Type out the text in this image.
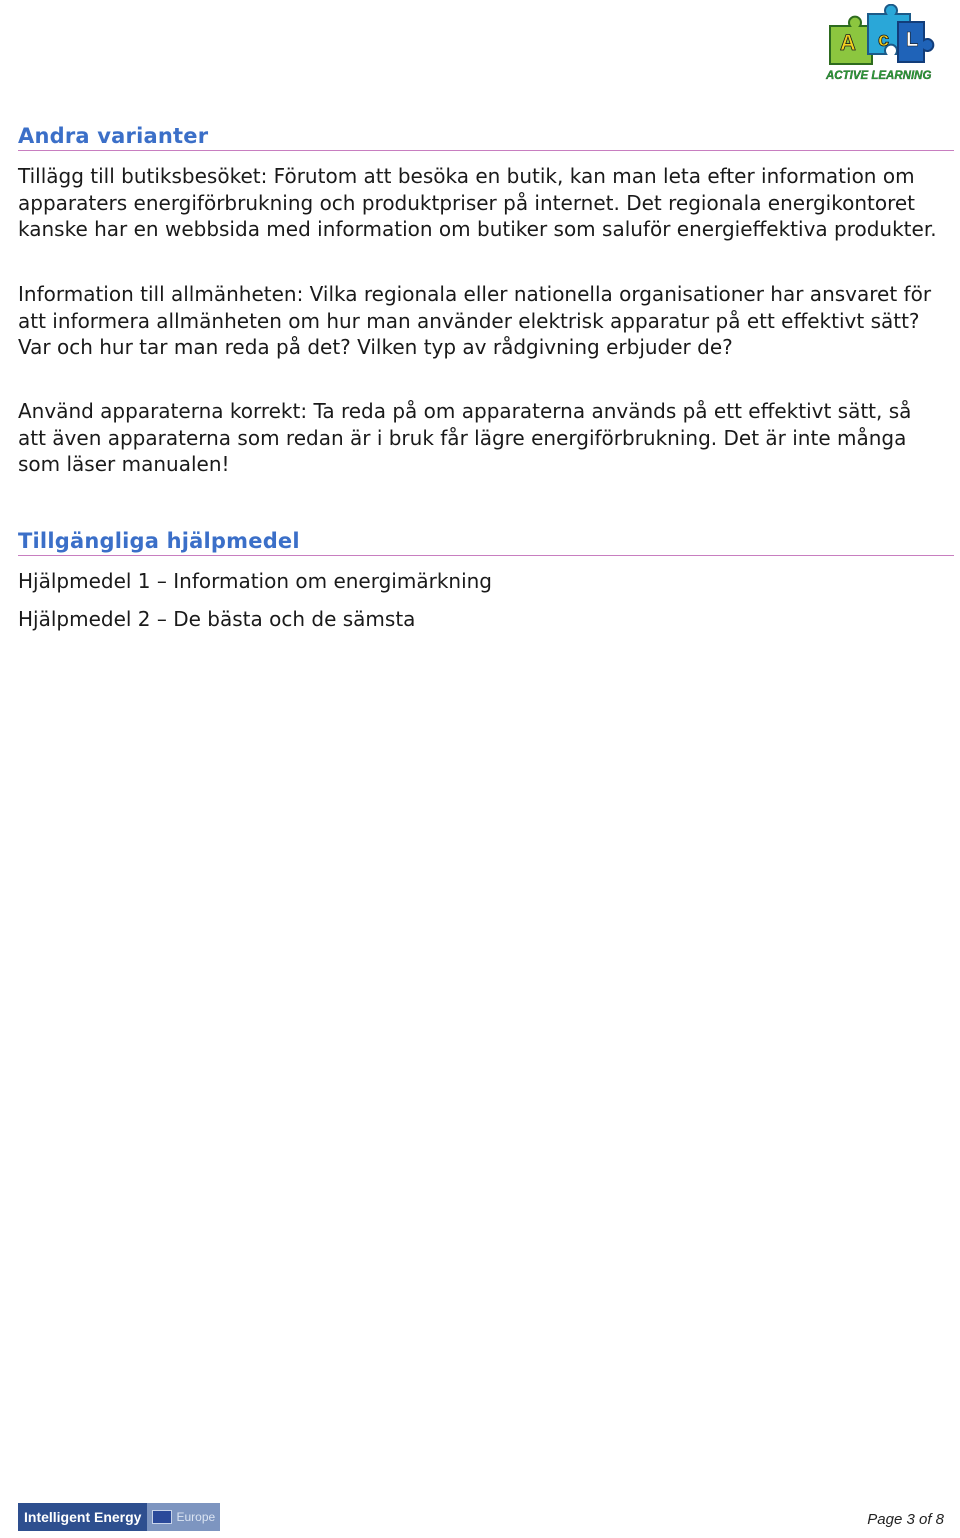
A c L
ACTIVE LEARNING
Andra varianter

Tillägg till butiksbesöket: Förutom att besöka en butik, kan man leta efter information om apparaters energiförbrukning och produktpriser på internet. Det regionala energikontoret kanske har en webbsida med information om butiker som saluför energieffektiva produkter.

Information till allmänheten: Vilka regionala eller nationella organisationer har ansvaret för att informera allmänheten om hur man använder elektrisk apparatur på ett effektivt sätt? Var och hur tar man reda på det? Vilken typ av rådgivning erbjuder de?

Använd apparaterna korrekt: Ta reda på om apparaterna används på ett effektivt sätt, så att även apparaterna som redan är i bruk får lägre energiförbrukning. Det är inte många som läser manualen!

Tillgängliga hjälpmedel

Hjälpmedel 1 – Information om energimärkning

Hjälpmedel 2 – De bästa och de sämsta

Intelligent Energy	Europe	Page 3 of 8
